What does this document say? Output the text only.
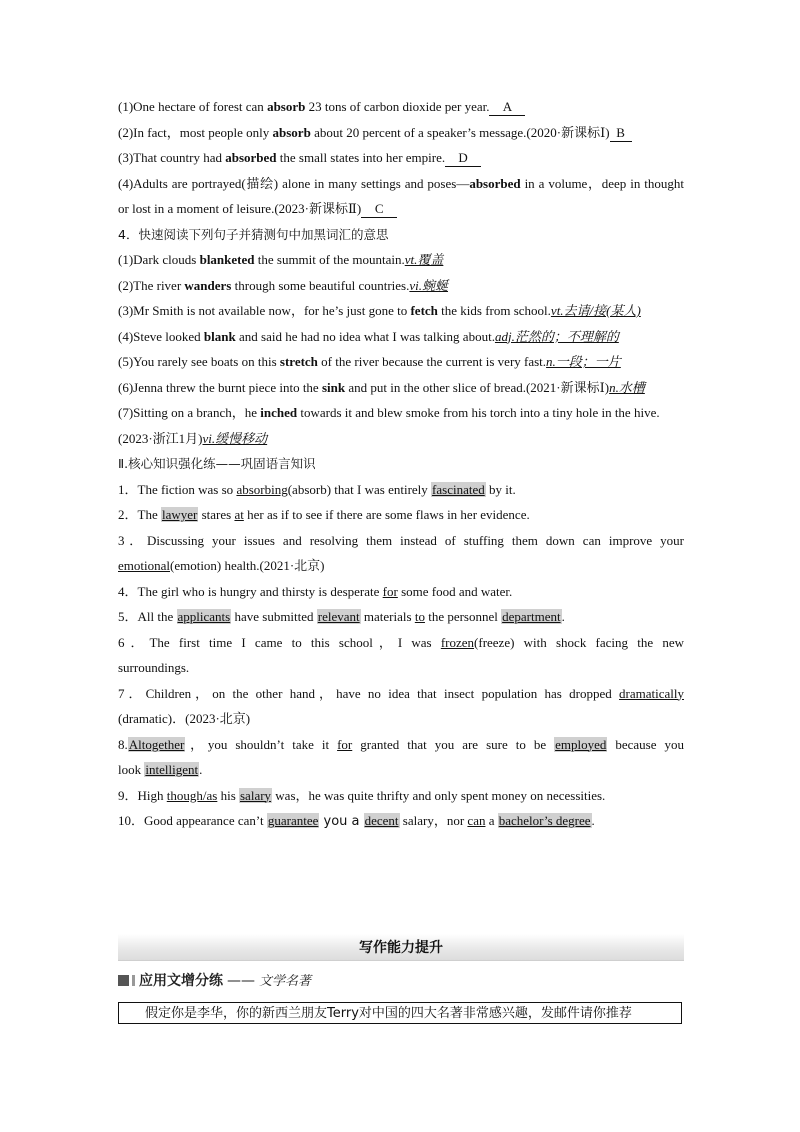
(1)One hectare of forest can absorb 23 tons of carbon dioxide per year. A
(2)In fact，most people only absorb about 20 percent of a speaker’s message.(2020·新课标Ⅰ) B
(3)That country had absorbed the small states into her empire. D
(4)Adults are portrayed(描绘) alone in many settings and poses—absorbed in a volume，deep in thought or lost in a moment of leisure.(2023·新课标Ⅱ) C
4．快速阅读下列句子并猜测句中加黑词汇的意思
(1)Dark clouds blanketed the summit of the mountain.vt.覆盖
(2)The river wanders through some beautiful countries.vi.蜿蜒
(3)Mr Smith is not available now，for he’s just gone to fetch the kids from school.vt.去请/接(某人)
(4)Steve looked blank and said he had no idea what I was talking about.adj.茫然的；不理解的
(5)You rarely see boats on this stretch of the river because the current is very fast.n.一段；一片
(6)Jenna threw the burnt piece into the sink and put in the other slice of bread.(2021·新课标Ⅰ)n.水槽
(7)Sitting on a branch，he inched towards it and blew smoke from his torch into a tiny hole in the hive.(2023·浙江1月)vi.缓慢移动
Ⅱ.核心知识强化练——巩固语言知识
1．The fiction was so absorbing(absorb) that I was entirely fascinated by it.
2．The lawyer stares at her as if to see if there are some flaws in her evidence.
3．Discussing your issues and resolving them instead of stuffing them down can improve your
emotional(emotion) health.(2021·北京)
4．The girl who is hungry and thirsty is desperate for some food and water.
5．All the applicants have submitted relevant materials to the personnel department.
6．The first time I came to this school，I was frozen(freeze) with shock facing the new
surroundings.
7．Children，on the other hand，have no idea that insect population has dropped dramatically
(dramatic)．(2023·北京)
8.Altogether，you shouldn’t take it for granted that you are sure to be employed because you
look intelligent.
9．High though/as his salary was，he was quite thrifty and only spent money on necessities.
10．Good appearance can’t guarantee you a decent salary，nor can a bachelor’s degree.
写作能力提升
应用文增分练 —— 文学名著
假定你是李华，你的新西兰朋友Terry对中国的四大名著非常感兴趣，发邮件请你推荐
